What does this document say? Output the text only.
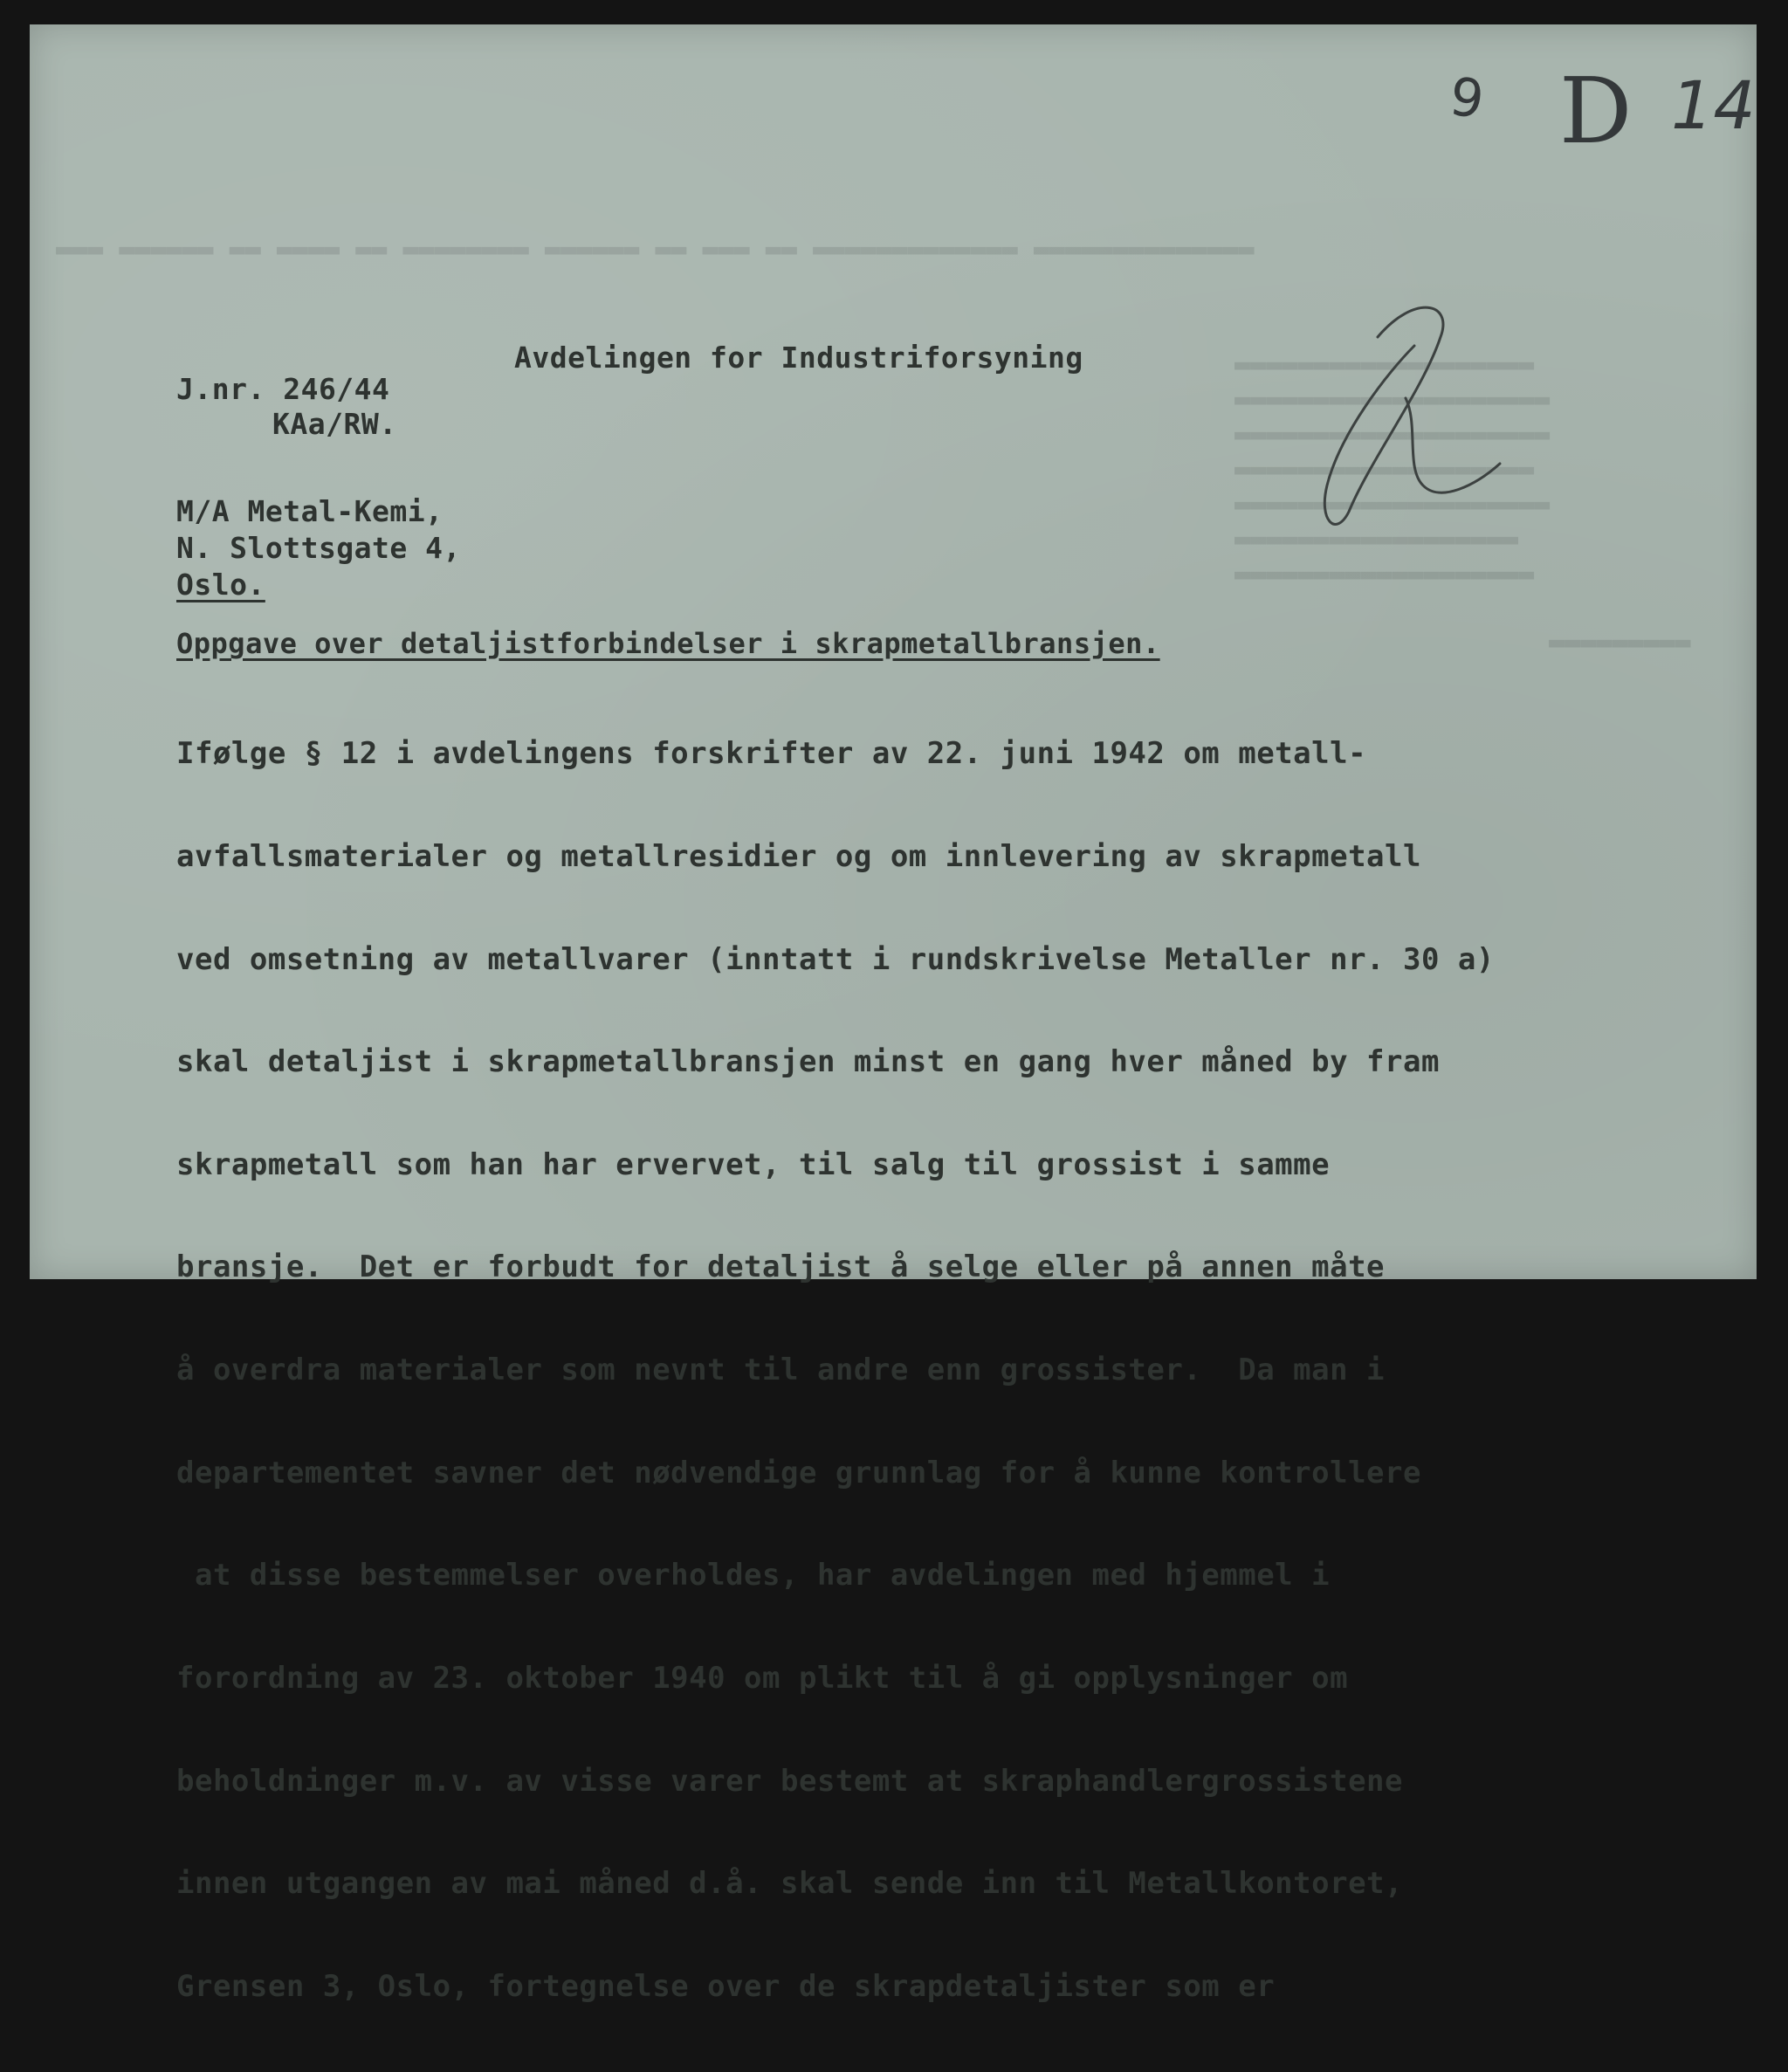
▬▬▬ ▬▬▬▬▬▬ ▬▬ ▬▬▬▬ ▬▬ ▬▬▬▬▬▬▬▬ ▬▬▬▬▬▬ ▬▬ ▬▬▬ ▬▬ ▬▬▬▬▬▬▬▬▬▬▬▬▬ ▬▬▬▬▬▬▬▬▬▬▬▬▬▬
▬▬▬▬▬▬▬▬▬▬▬▬▬▬▬▬▬▬▬
▬▬▬▬▬▬▬▬▬▬▬▬▬▬▬▬▬▬▬▬
▬▬▬▬▬▬▬▬▬▬▬▬▬▬▬▬▬▬▬▬
▬▬▬▬▬▬▬▬▬▬▬▬▬▬▬▬▬▬▬
▬▬▬▬▬▬▬▬▬▬▬▬▬▬▬▬▬▬▬▬
▬▬▬▬▬▬▬▬▬▬▬▬▬▬▬▬▬▬
▬▬▬▬▬▬▬▬▬▬▬▬▬▬▬▬▬▬▬
▬▬▬▬▬▬▬▬▬
9 D 14
Avdelingen for Industriforsyning
J.nr. 246/44
KAa/RW.
M/A Metal-Kemi,
N. Slottsgate 4,
Oslo.
Oppgave over detaljistforbindelser i skrapmetallbransjen.

Ifølge § 12 i avdelingens forskrifter av 22. juni 1942 om metall-

avfallsmaterialer og metallresidier og om innlevering av skrapmetall

ved omsetning av metallvarer (inntatt i rundskrivelse Metaller nr. 30 a)

skal detaljist i skrapmetallbransjen minst en gang hver måned by fram

skrapmetall som han har ervervet, til salg til grossist i samme

bransje.  Det er forbudt for detaljist å selge eller på annen måte

å overdra materialer som nevnt til andre enn grossister.  Da man i

departementet savner det nødvendige grunnlag for å kunne kontrollere

at disse bestemmelser overholdes, har avdelingen med hjemmel i

forordning av 23. oktober 1940 om plikt til å gi opplysninger om

beholdninger m.v. av visse varer bestemt at skraphandlergrossistene

innen utgangen av mai måned d.å. skal sende inn til Metallkontoret,

Grensen 3, Oslo, fortegnelse over de skrapdetaljister som er
